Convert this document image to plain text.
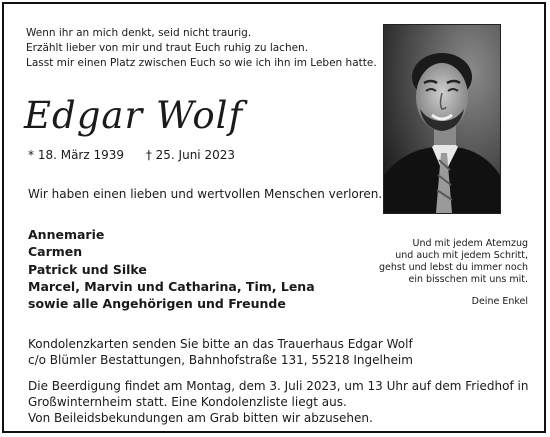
Wenn ihr an mich denkt, seid nicht traurig.
Erzählt lieber von mir und traut Euch ruhig zu lachen.
Lasst mir einen Platz zwischen Euch so wie ich ihn im Leben hatte.
Edgar Wolf
* 18. März 1939 † 25. Juni 2023
Wir haben einen lieben und wertvollen Menschen verloren.
Annemarie
Carmen
Patrick und Silke
Marcel, Marvin und Catharina, Tim, Lena
sowie alle Angehörigen und Freunde
Und mit jedem Atemzug
und auch mit jedem Schritt,
gehst und lebst du immer noch
ein bisschen mit uns mit.
Deine Enkel
Kondolenzkarten senden Sie bitte an das Trauerhaus Edgar Wolf
c/o Blümler Bestattungen, Bahnhofstraße 131, 55218 Ingelheim
Die Beerdigung findet am Montag, dem 3. Juli 2023, um 13 Uhr auf dem Friedhof in
Großwinternheim statt. Eine Kondolenzliste liegt aus.
Von Beileidsbekundungen am Grab bitten wir abzusehen.
